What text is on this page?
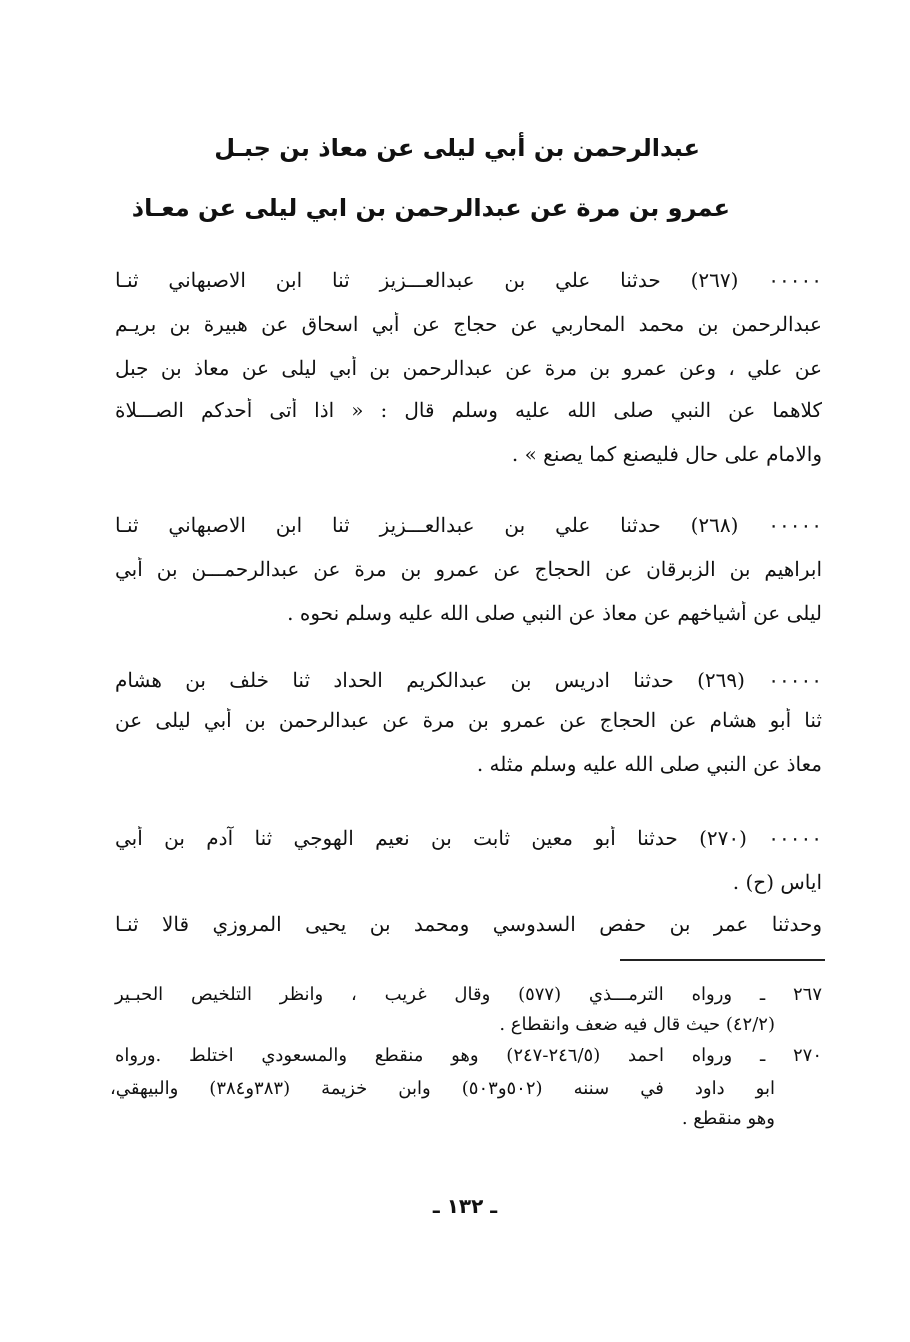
عبدالرحمن بن أبي ليلى عن معاذ بن جبـل
عمرو بن مرة عن عبدالرحمن بن ابي ليلى عن معـاذ
٠٠٠٠٠ (٢٦٧) حدثنا علي بن عبدالعـــزيز ثنا ابن الاصبهاني ثنـا
عبدالرحمن بن محمد المحاربي عن حجاج عن أبي اسحاق عن هبيرة بن بريـم
عن علي ، وعن عمرو بن مرة عن عبدالرحمن بن أبي ليلى عن معاذ بن جبل
كلاهما عن النبي صلى الله عليه وسلم قال : « اذا أتى أحدكم الصـــلاة
والامام على حال فليصنع كما يصنع » .
٠٠٠٠٠ (٢٦٨) حدثنا علي بن عبدالعـــزيز ثنا ابن الاصبهاني ثنـا
ابراهيم بن الزبرقان عن الحجاج عن عمرو بن مرة عن عبدالرحمـــن بن أبي
ليلى عن أشياخهم عن معاذ عن النبي صلى الله عليه وسلم نحوه .
٠٠٠٠٠ (٢٦٩) حدثنا ادريس بن عبدالكريم الحداد ثنا خلف بن هشام
ثنا أبو هشام عن الحجاج عن عمرو بن مرة عن عبدالرحمن بن أبي ليلى عن
معاذ عن النبي صلى الله عليه وسلم مثله .
٠٠٠٠٠ (٢٧٠) حدثنا أبو معين ثابت بن نعيم الهوجي ثنا آدم بن أبي
اياس (ح) .
وحدثنا عمر بن حفص السدوسي ومحمد بن يحيى المروزي قالا ثنـا
٢٦٧ ـ ورواه الترمـــذي (٥٧٧) وقال غريب ، وانظر التلخيص الحبـير
(٤٢/٢) حيث قال فيه ضعف وانقطاع .
٢٧٠ ـ ورواه احمد (٢٤٦/٥-٢٤٧) وهو منقطع والمسعودي اختلط .ورواه
ابو داود في سننه (٥٠٢و٥٠٣) وابن خزيمة (٣٨٣و٣٨٤) والبيهقي،
وهو منقطع .
ـ ١٣٢ ـ
